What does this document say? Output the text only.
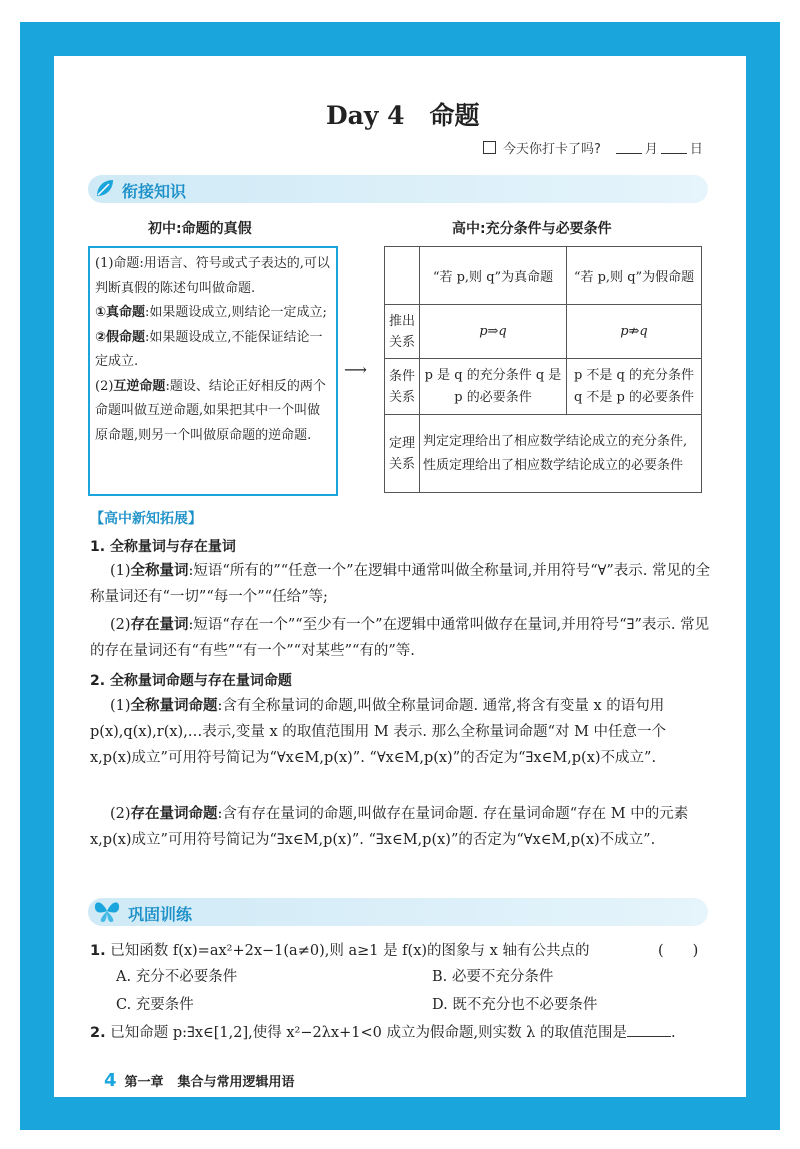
Day 4　命题
今天你打卡了吗?	月 日
衔接知识
初中:命题的真假	高中:充分条件与必要条件

(1)命题:用语言、符号或式子表达的,可以判断真假的陈述句叫做命题.

①真命题:如果题设成立,则结论一定成立;

②假命题:如果题设成立,不能保证结论一定成立.

(2)互逆命题:题设、结论正好相反的两个命题叫做互逆命题,如果把其中一个叫做原命题,则另一个叫做原命题的逆命题.

⟶
	“若 p,则 q”为真命题	“若 p,则 q”为假命题
推出关系	p⇒q	p⇏q
条件关系	p 是 q 的充分条件 q 是 p 的必要条件	p 不是 q 的充分条件 q 不是 p 的必要条件
定理关系	判定定理给出了相应数学结论成立的充分条件,性质定理给出了相应数学结论成立的必要条件	
【高中新知拓展】
1. 全称量词与存在量词
(1)全称量词:短语“所有的”“任意一个”在逻辑中通常叫做全称量词,并用符号“∀”表示. 常见的全称量词还有“一切”“每一个”“任给”等;
(2)存在量词:短语“存在一个”“至少有一个”在逻辑中通常叫做存在量词,并用符号“∃”表示. 常见的存在量词还有“有些”“有一个”“对某些”“有的”等.
2. 全称量词命题与存在量词命题
(1)全称量词命题:含有全称量词的命题,叫做全称量词命题. 通常,将含有变量 x 的语句用 p(x),q(x),r(x),…表示,变量 x 的取值范围用 M 表示. 那么全称量词命题“对 M 中任意一个 x,p(x)成立”可用符号简记为“∀x∈M,p(x)”. “∀x∈M,p(x)”的否定为“∃x∈M,p(x)不成立”.
(2)存在量词命题:含有存在量词的命题,叫做存在量词命题. 存在量词命题“存在 M 中的元素 x,p(x)成立”可用符号简记为“∃x∈M,p(x)”. “∃x∈M,p(x)”的否定为“∀x∈M,p(x)不成立”.
巩固训练
1. 已知函数 f(x)=ax²+2x−1(a≠0),则 a≥1 是 f(x)的图象与 x 轴有公共点的	(　　)
A. 充分不必要条件	B. 必要不充分条件
C. 充要条件	D. 既不充分也不必要条件
2. 已知命题 p:∃x∈[1,2],使得 x²−2λx+1<0 成立为假命题,则实数 λ 的取值范围是	.
4 第一章 集合与常用逻辑用语
